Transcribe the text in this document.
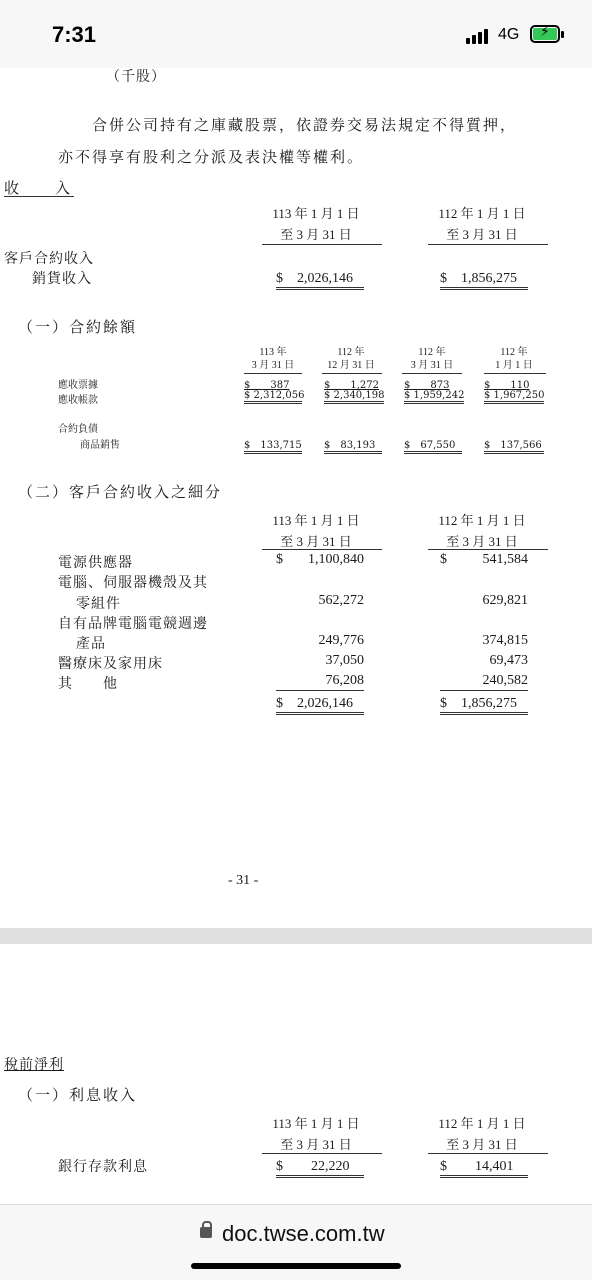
7:31	4G ⚡
（千股）
合併公司持有之庫藏股票，依證券交易法規定不得質押，
亦不得享有股利之分派及表決權等權利。
收　　入
113 年 1 月 1 日
至 3 月 31 日
112 年 1 月 1 日
至 3 月 31 日
客戶合約收入
銷貨收入	$　2,026,146	$　1,856,275
（一）合約餘額
113 年
3 月 31 日
112 年
12 月 31 日
112 年
3 月 31 日
112 年
1 月 1 日
應收票據	$　　387	$　　1,272	$　　873	$　　110
應收帳款	$ 2,312,056 $ 2,340,198 $ 1,959,242 $ 1,967,250
合約負債
商品銷售	$　133,715 $　83,193	$　67,550	$　137,566
（二）客戶合約收入之細分
113 年 1 月 1 日
至 3 月 31 日
112 年 1 月 1 日
至 3 月 31 日
電源供應器	$ 1,100,840	$	541,584
電腦、伺服器機殼及其
零組件	562,272	629,821
自有品牌電腦電競週邊
產品	249,776	374,815
醫療床及家用床	37,050	69,473
其　　他	76,208	240,582
$　2,026,146	$　1,856,275
- 31 -
稅前淨利
（一）利息收入
113 年 1 月 1 日
至 3 月 31 日
112 年 1 月 1 日
至 3 月 31 日
銀行存款利息	$　　22,220	$　　14,401
doc.twse.com.tw
